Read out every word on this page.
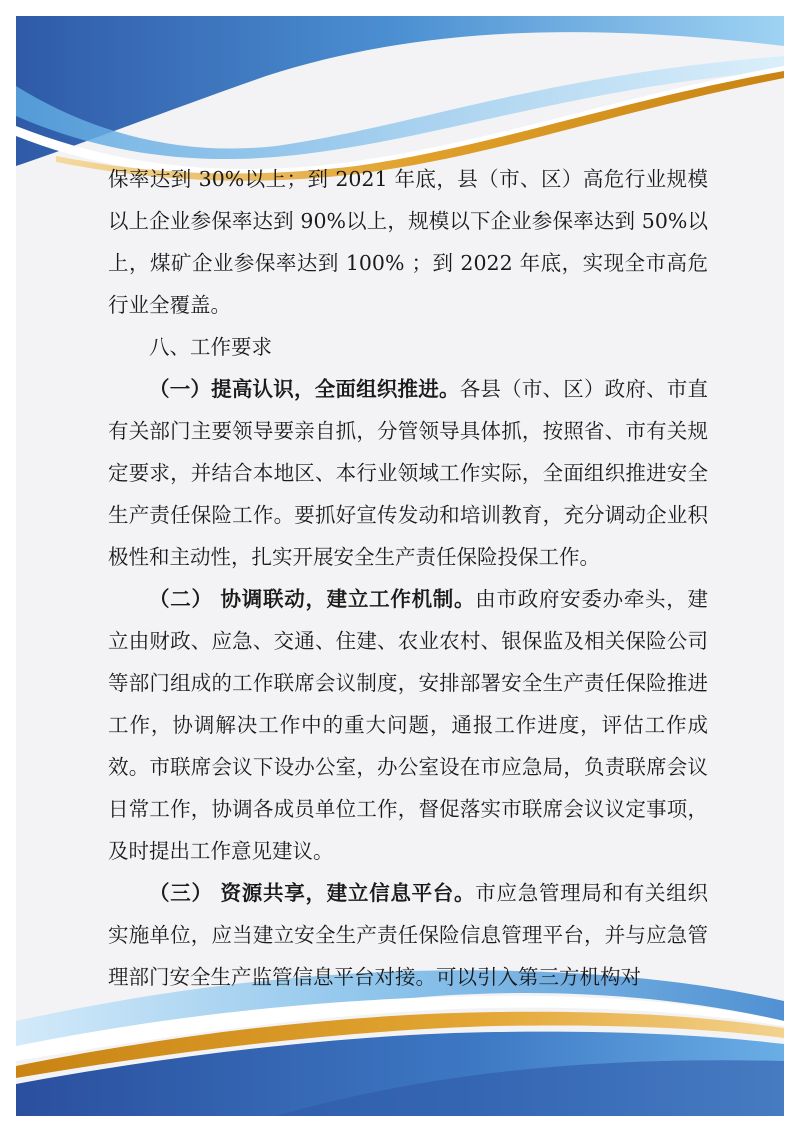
保率达到 30%以上；到 2021 年底，县（市、区）高危行业规模以上企业参保率达到 90%以上，规模以下企业参保率达到 50%以上，煤矿企业参保率达到 100% ；到 2022 年底，实现全市高危行业全覆盖。

八、工作要求

（一）提高认识，全面组织推进。各县（市、区）政府、市直有关部门主要领导要亲自抓，分管领导具体抓，按照省、市有关规定要求，并结合本地区、本行业领域工作实际，全面组织推进安全生产责任保险工作。要抓好宣传发动和培训教育，充分调动企业积极性和主动性，扎实开展安全生产责任保险投保工作。

（二） 协调联动，建立工作机制。由市政府安委办牵头，建立由财政、应急、交通、住建、农业农村、银保监及相关保险公司等部门组成的工作联席会议制度，安排部署安全生产责任保险推进工作，协调解决工作中的重大问题，通报工作进度，评估工作成效。市联席会议下设办公室，办公室设在市应急局，负责联席会议日常工作，协调各成员单位工作，督促落实市联席会议议定事项，及时提出工作意见建议。

（三） 资源共享，建立信息平台。市应急管理局和有关组织实施单位，应当建立安全生产责任保险信息管理平台，并与应急管理部门安全生产监管信息平台对接。可以引入第三方机构对
